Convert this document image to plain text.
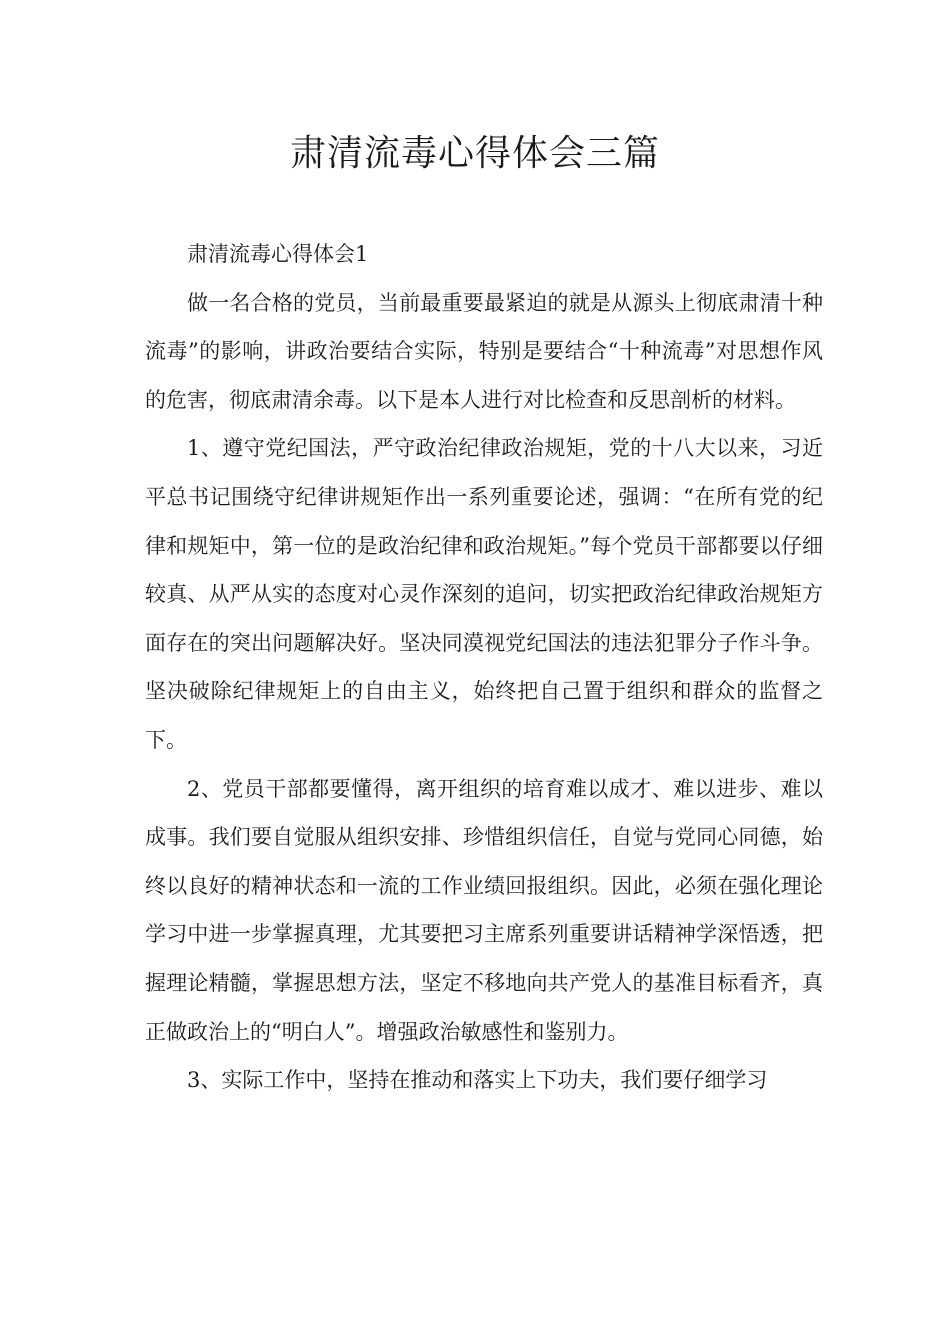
肃清流毒心得体会三篇

肃清流毒心得体会1

做一名合格的党员，当前最重要最紧迫的就是从源头上彻底肃清十种流毒”的影响，讲政治要结合实际，特别是要结合“十种流毒”对思想作风的危害，彻底肃清余毒。以下是本人进行对比检查和反思剖析的材料。

1、遵守党纪国法，严守政治纪律政治规矩，党的十八大以来，习近平总书记围绕守纪律讲规矩作出一系列重要论述，强调：“在所有党的纪律和规矩中，第一位的是政治纪律和政治规矩。”每个党员干部都要以仔细较真、从严从实的态度对心灵作深刻的追问，切实把政治纪律政治规矩方面存在的突出问题解决好。坚决同漠视党纪国法的违法犯罪分子作斗争。坚决破除纪律规矩上的自由主义，始终把自己置于组织和群众的监督之下。

2、党员干部都要懂得，离开组织的培育难以成才、难以进步、难以成事。我们要自觉服从组织安排、珍惜组织信任，自觉与党同心同德，始终以良好的精神状态和一流的工作业绩回报组织。因此，必须在强化理论学习中进一步掌握真理，尤其要把习主席系列重要讲话精神学深悟透，把握理论精髓，掌握思想方法，坚定不移地向共产党人的基准目标看齐，真正做政治上的“明白人”。增强政治敏感性和鉴别力。

3、实际工作中，坚持在推动和落实上下功夫，我们要仔细学习
